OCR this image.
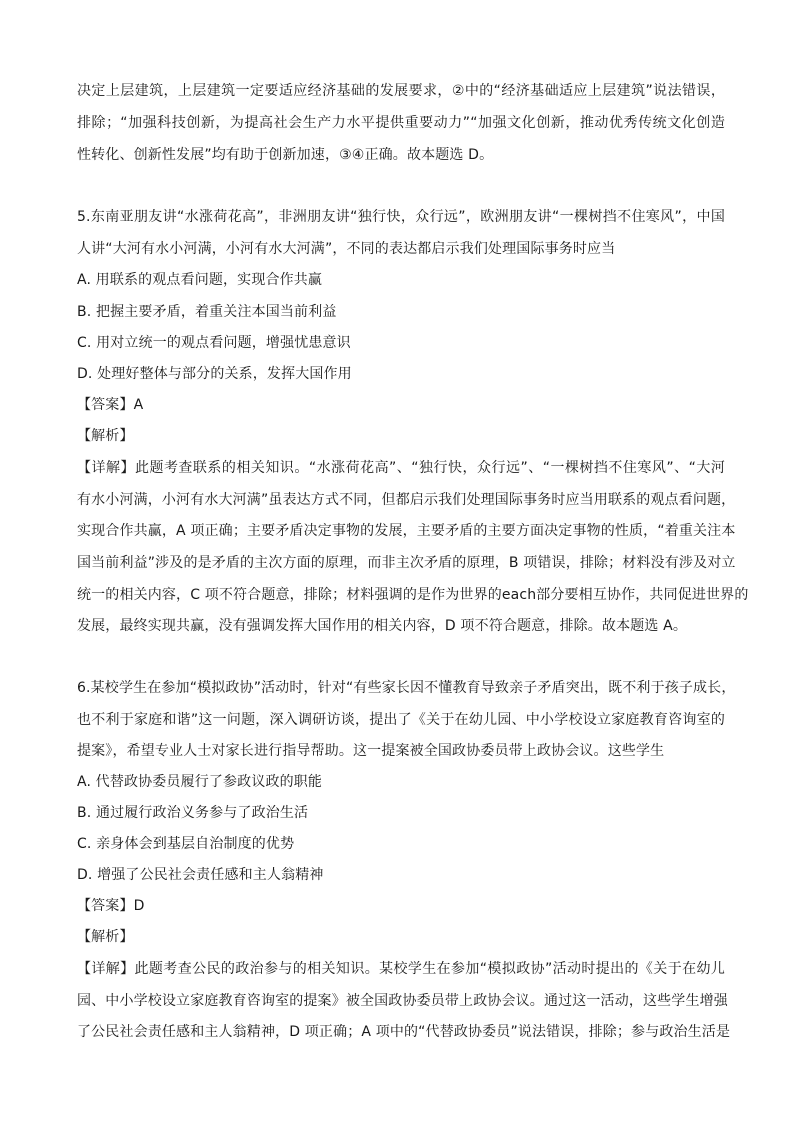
决定上层建筑，上层建筑一定要适应经济基础的发展要求，②中的“经济基础适应上层建筑”说法错误，
排除；“加强科技创新，为提高社会生产力水平提供重要动力”“加强文化创新，推动优秀传统文化创造
性转化、创新性发展”均有助于创新加速，③④正确。故本题选 D。
5.东南亚朋友讲“水涨荷花高”，非洲朋友讲“独行快，众行远”，欧洲朋友讲“一棵树挡不住寒风”，中国
人讲“大河有水小河满，小河有水大河满”，不同的表达都启示我们处理国际事务时应当
A. 用联系的观点看问题，实现合作共赢
B. 把握主要矛盾，着重关注本国当前利益
C. 用对立统一的观点看问题，增强忧患意识
D. 处理好整体与部分的关系，发挥大国作用
【答案】A
【解析】
【详解】此题考查联系的相关知识。“水涨荷花高”、“独行快，众行远”、“一棵树挡不住寒风”、“大河
有水小河满，小河有水大河满”虽表达方式不同，但都启示我们处理国际事务时应当用联系的观点看问题，
实现合作共赢，A 项正确；主要矛盾决定事物的发展，主要矛盾的主要方面决定事物的性质，“着重关注本
国当前利益”涉及的是矛盾的主次方面的原理，而非主次矛盾的原理，B 项错误，排除；材料没有涉及对立
统一的相关内容，C 项不符合题意，排除；材料强调的是作为世界的each部分要相互协作，共同促进世界的
发展，最终实现共赢，没有强调发挥大国作用的相关内容，D 项不符合题意，排除。故本题选 A。
6.某校学生在参加“模拟政协”活动时，针对“有些家长因不懂教育导致亲子矛盾突出，既不利于孩子成长，
也不利于家庭和谐”这一问题，深入调研访谈，提出了《关于在幼儿园、中小学校设立家庭教育咨询室的
提案》，希望专业人士对家长进行指导帮助。这一提案被全国政协委员带上政协会议。这些学生
A. 代替政协委员履行了参政议政的职能
B. 通过履行政治义务参与了政治生活
C. 亲身体会到基层自治制度的优势
D. 增强了公民社会责任感和主人翁精神
【答案】D
【解析】
【详解】此题考查公民的政治参与的相关知识。某校学生在参加“模拟政协”活动时提出的《关于在幼儿
园、中小学校设立家庭教育咨询室的提案》被全国政协委员带上政协会议。通过这一活动，这些学生增强
了公民社会责任感和主人翁精神，D 项正确；A 项中的“代替政协委员”说法错误，排除；参与政治生活是
